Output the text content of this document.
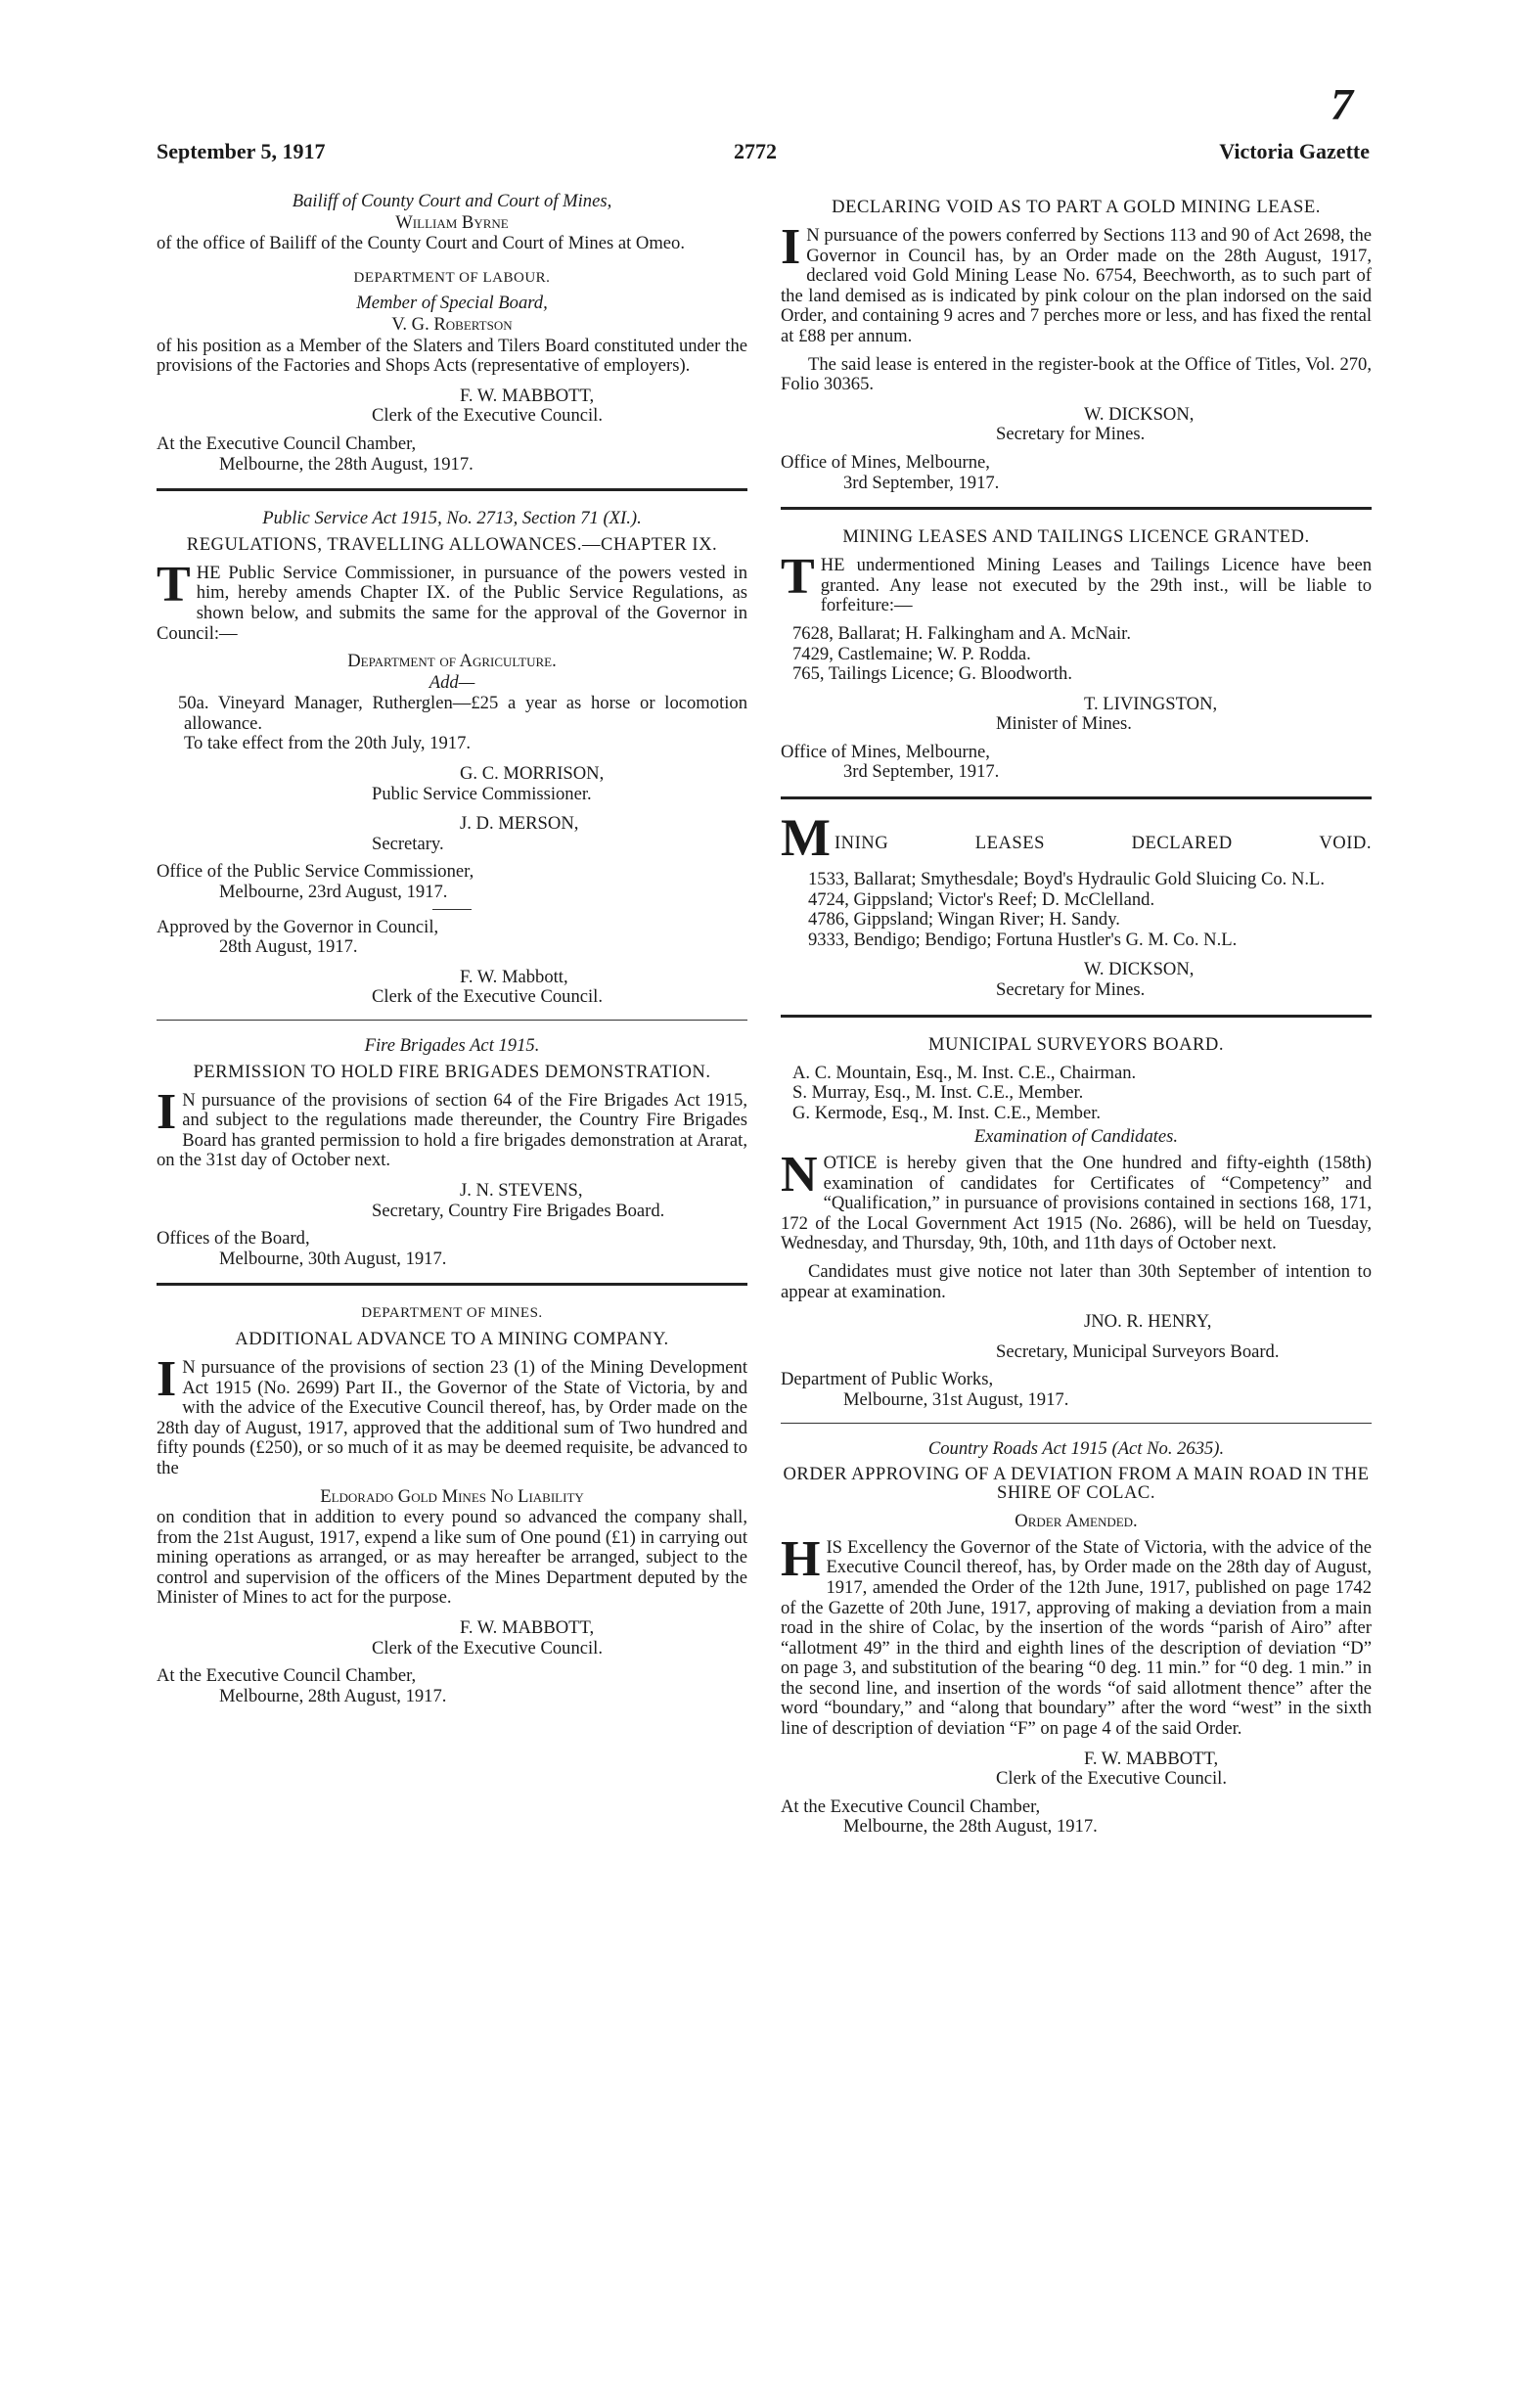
7
September 5, 1917	2772	Victoria Gazette
Bailiff of County Court and Court of Mines,
William Byrne
of the office of Bailiff of the County Court and Court of Mines at Omeo.
DEPARTMENT OF LABOUR.
Member of Special Board,
V. G. Robertson
of his position as a Member of the Slaters and Tilers Board constituted under the provisions of the Factories and Shops Acts (representative of employers).
F. W. MABBOTT,
Clerk of the Executive Council.
At the Executive Council Chamber,
Melbourne, the 28th August, 1917.
Public Service Act 1915, No. 2713, Section 71 (XI.).
REGULATIONS, TRAVELLING ALLOWANCES.—CHAPTER IX.
THE Public Service Commissioner, in pursuance of the powers vested in him, hereby amends Chapter IX. of the Public Service Regulations, as shown below, and submits the same for the approval of the Governor in Council:—
Department of Agriculture.
Add—
50a. Vineyard Manager, Rutherglen—£25 a year as horse or locomotion allowance.
To take effect from the 20th July, 1917.
G. C. MORRISON,
Public Service Commissioner.
J. D. MERSON,
Secretary.
Office of the Public Service Commissioner,
Melbourne, 23rd August, 1917.
Approved by the Governor in Council,
28th August, 1917.
F. W. Mabbott,
Clerk of the Executive Council.
Fire Brigades Act 1915.
PERMISSION TO HOLD FIRE BRIGADES DEMONSTRATION.
I N pursuance of the provisions of section 64 of the Fire Brigades Act 1915, and subject to the regulations made thereunder, the Country Fire Brigades Board has granted permission to hold a fire brigades demonstration at Ararat, on the 31st day of October next.
J. N. STEVENS,
Secretary, Country Fire Brigades Board.
Offices of the Board,
Melbourne, 30th August, 1917.
DEPARTMENT OF MINES.
ADDITIONAL ADVANCE TO A MINING COMPANY.
I N pursuance of the provisions of section 23 (1) of the Mining Development Act 1915 (No. 2699) Part II., the Governor of the State of Victoria, by and with the advice of the Executive Council thereof, has, by Order made on the 28th day of August, 1917, approved that the additional sum of Two hundred and fifty pounds (£250), or so much of it as may be deemed requisite, be advanced to the
Eldorado Gold Mines No Liability
on condition that in addition to every pound so advanced the company shall, from the 21st August, 1917, expend a like sum of One pound (£1) in carrying out mining operations as arranged, or as may hereafter be arranged, subject to the control and supervision of the officers of the Mines Department deputed by the Minister of Mines to act for the purpose.
F. W. MABBOTT,
Clerk of the Executive Council.
At the Executive Council Chamber,
Melbourne, 28th August, 1917.
DECLARING VOID AS TO PART A GOLD MINING LEASE.
I N pursuance of the powers conferred by Sections 113 and 90 of Act 2698, the Governor in Council has, by an Order made on the 28th August, 1917, declared void Gold Mining Lease No. 6754, Beechworth, as to such part of the land demised as is indicated by pink colour on the plan indorsed on the said Order, and containing 9 acres and 7 perches more or less, and has fixed the rental at £88 per annum.
The said lease is entered in the register-book at the Office of Titles, Vol. 270, Folio 30365.
W. DICKSON,
Secretary for Mines.
Office of Mines, Melbourne,
3rd September, 1917.
MINING LEASES AND TAILINGS LICENCE GRANTED.
THE undermentioned Mining Leases and Tailings Licence have been granted. Any lease not executed by the 29th inst., will be liable to forfeiture:—
7628, Ballarat; H. Falkingham and A. McNair.
7429, Castlemaine; W. P. Rodda.
765, Tailings Licence; G. Bloodworth.
T. LIVINGSTON,
Minister of Mines.
Office of Mines, Melbourne,
3rd September, 1917.
M INING	LEASES	DECLARED	VOID.
1533, Ballarat; Smythesdale; Boyd's Hydraulic Gold Sluicing Co. N.L.
4724, Gippsland; Victor's Reef; D. McClelland.
4786, Gippsland; Wingan River; H. Sandy.
9333, Bendigo; Bendigo; Fortuna Hustler's G. M. Co. N.L.
W. DICKSON,
Secretary for Mines.
MUNICIPAL SURVEYORS BOARD.
A. C. Mountain, Esq., M. Inst. C.E., Chairman.
S. Murray, Esq., M. Inst. C.E., Member.
G. Kermode, Esq., M. Inst. C.E., Member.
Examination of Candidates.
NOTICE is hereby given that the One hundred and fifty-eighth (158th) examination of candidates for Certificates of “Competency” and “Qualification,” in pursuance of provisions contained in sections 168, 171, 172 of the Local Government Act 1915 (No. 2686), will be held on Tuesday, Wednesday, and Thursday, 9th, 10th, and 11th days of October next.
Candidates must give notice not later than 30th September of intention to appear at examination.
JNO. R. HENRY,
Secretary, Municipal Surveyors Board.
Department of Public Works,
Melbourne, 31st August, 1917.
Country Roads Act 1915 (Act No. 2635).
ORDER APPROVING OF A DEVIATION FROM A MAIN ROAD IN THE SHIRE OF COLAC.
Order Amended.
HIS Excellency the Governor of the State of Victoria, with the advice of the Executive Council thereof, has, by Order made on the 28th day of August, 1917, amended the Order of the 12th June, 1917, published on page 1742 of the Gazette of 20th June, 1917, approving of making a deviation from a main road in the shire of Colac, by the insertion of the words “parish of Airo” after “allotment 49” in the third and eighth lines of the description of deviation “D” on page 3, and substitution of the bearing “0 deg. 11 min.” for “0 deg. 1 min.” in the second line, and insertion of the words “of said allotment thence” after the word “boundary,” and “along that boundary” after the word “west” in the sixth line of description of deviation “F” on page 4 of the said Order.
F. W. MABBOTT,
Clerk of the Executive Council.
At the Executive Council Chamber,
Melbourne, the 28th August, 1917.
